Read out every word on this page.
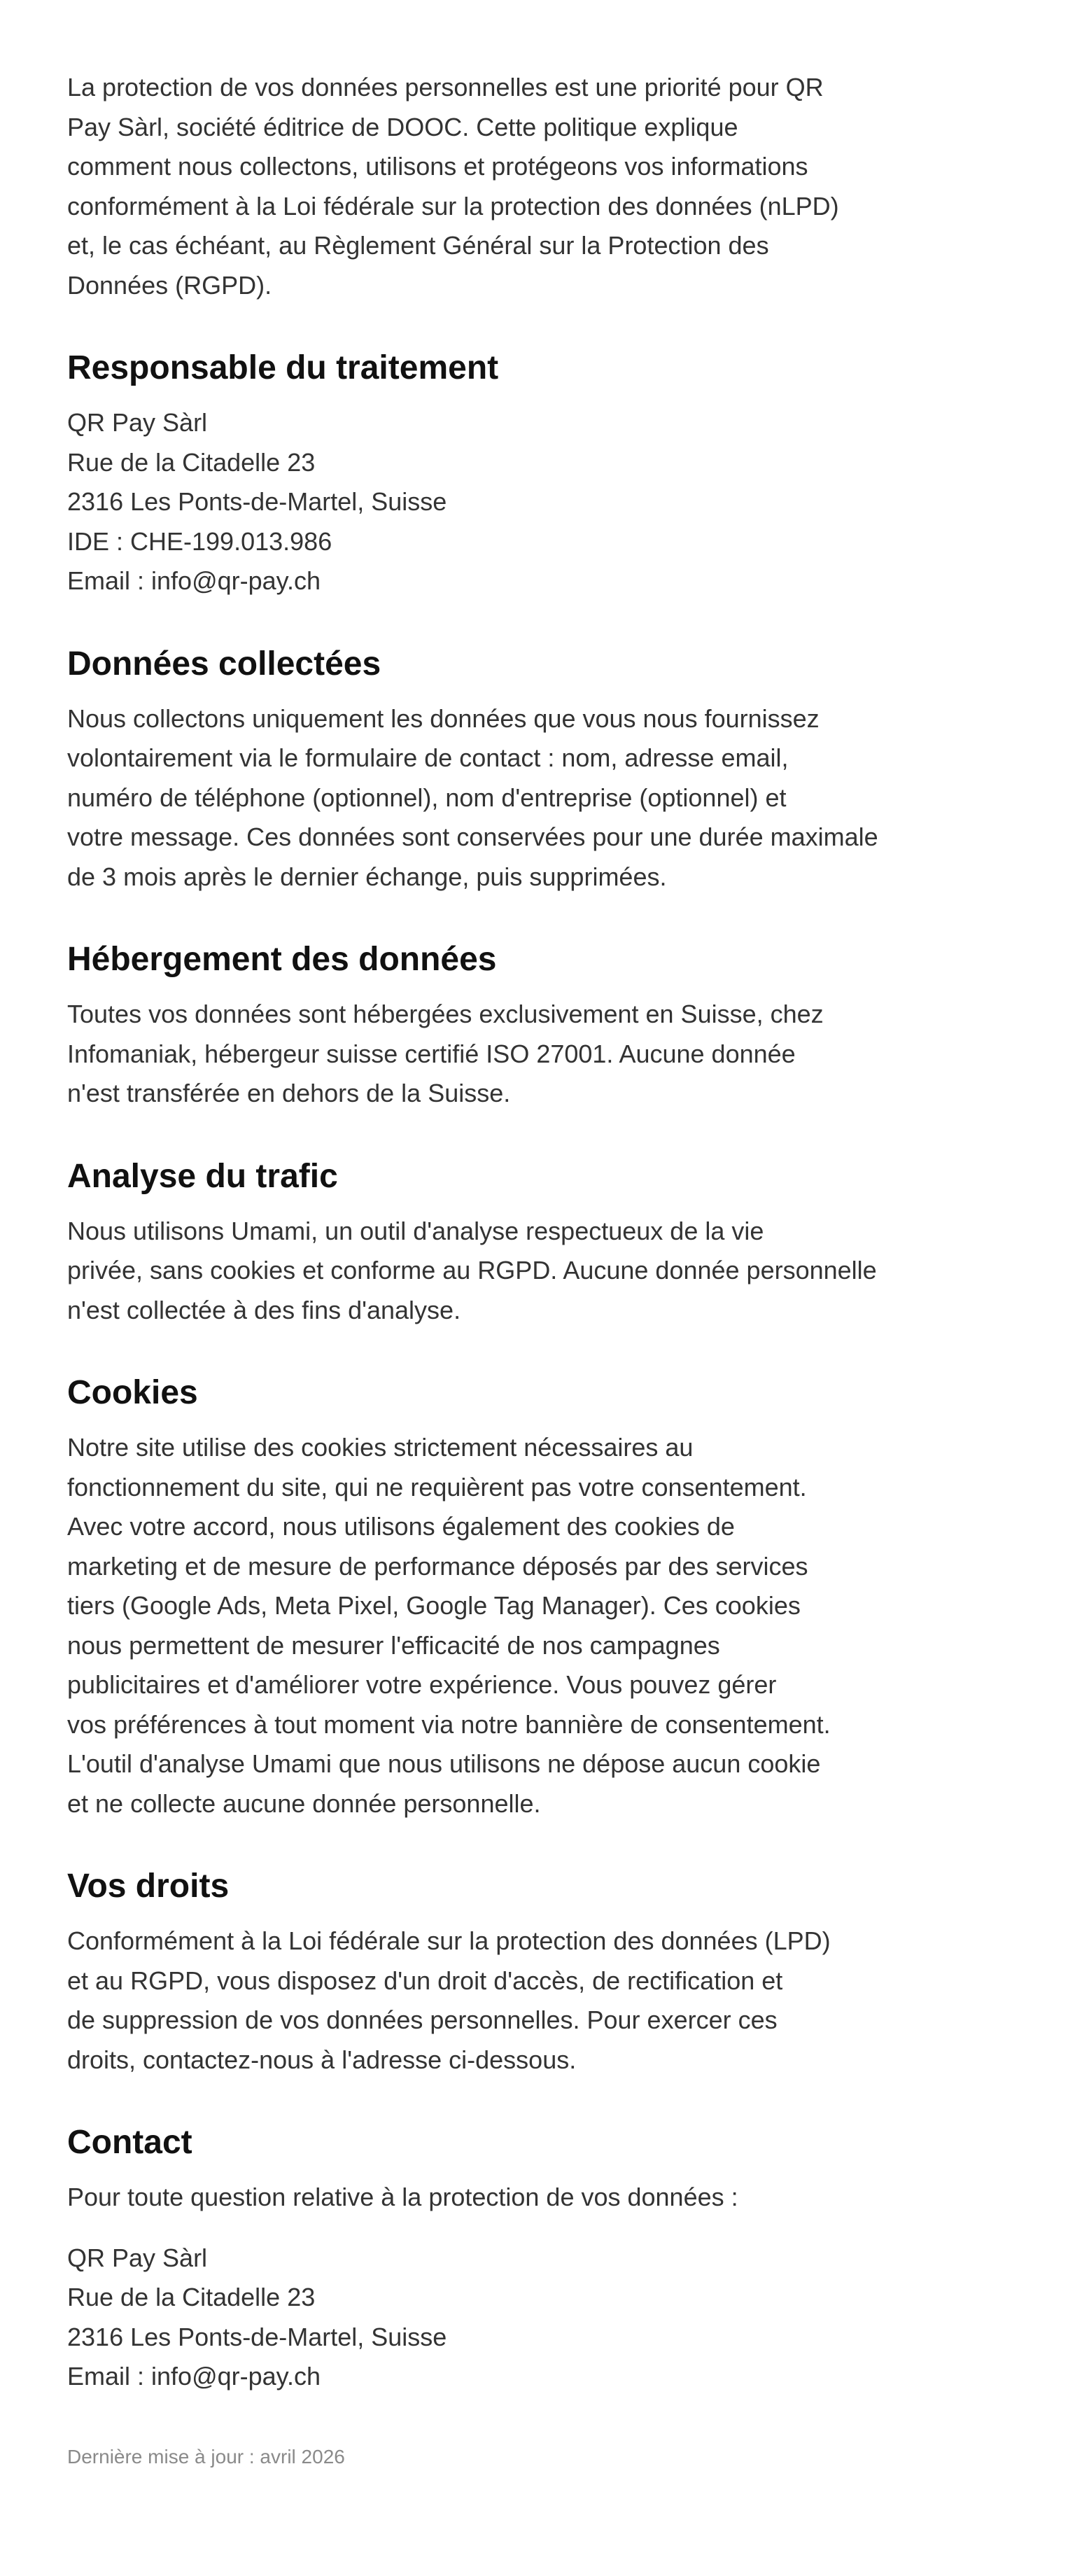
La protection de vos données personnelles est une priorité pour QR

Pay Sàrl, société éditrice de DOOC. Cette politique explique

comment nous collectons, utilisons et protégeons vos informations

conformément à la Loi fédérale sur la protection des données (nLPD)

et, le cas échéant, au Règlement Général sur la Protection des

Données (RGPD).

Responsable du traitement

QR Pay Sàrl

Rue de la Citadelle 23

2316 Les Ponts-de-Martel, Suisse

IDE : CHE-199.013.986

Email : info@qr-pay.ch

Données collectées

Nous collectons uniquement les données que vous nous fournissez

volontairement via le formulaire de contact : nom, adresse email,

numéro de téléphone (optionnel), nom d'entreprise (optionnel) et

votre message. Ces données sont conservées pour une durée maximale

de 3 mois après le dernier échange, puis supprimées.

Hébergement des données

Toutes vos données sont hébergées exclusivement en Suisse, chez

Infomaniak, hébergeur suisse certifié ISO 27001. Aucune donnée

n'est transférée en dehors de la Suisse.

Analyse du trafic

Nous utilisons Umami, un outil d'analyse respectueux de la vie

privée, sans cookies et conforme au RGPD. Aucune donnée personnelle

n'est collectée à des fins d'analyse.

Cookies

Notre site utilise des cookies strictement nécessaires au

fonctionnement du site, qui ne requièrent pas votre consentement.

Avec votre accord, nous utilisons également des cookies de

marketing et de mesure de performance déposés par des services

tiers (Google Ads, Meta Pixel, Google Tag Manager). Ces cookies

nous permettent de mesurer l'efficacité de nos campagnes

publicitaires et d'améliorer votre expérience. Vous pouvez gérer

vos préférences à tout moment via notre bannière de consentement.

L'outil d'analyse Umami que nous utilisons ne dépose aucun cookie

et ne collecte aucune donnée personnelle.

Vos droits

Conformément à la Loi fédérale sur la protection des données (LPD)

et au RGPD, vous disposez d'un droit d'accès, de rectification et

de suppression de vos données personnelles. Pour exercer ces

droits, contactez-nous à l'adresse ci-dessous.

Contact

Pour toute question relative à la protection de vos données :

QR Pay Sàrl

Rue de la Citadelle 23

2316 Les Ponts-de-Martel, Suisse

Email : info@qr-pay.ch

Dernière mise à jour : avril 2026
